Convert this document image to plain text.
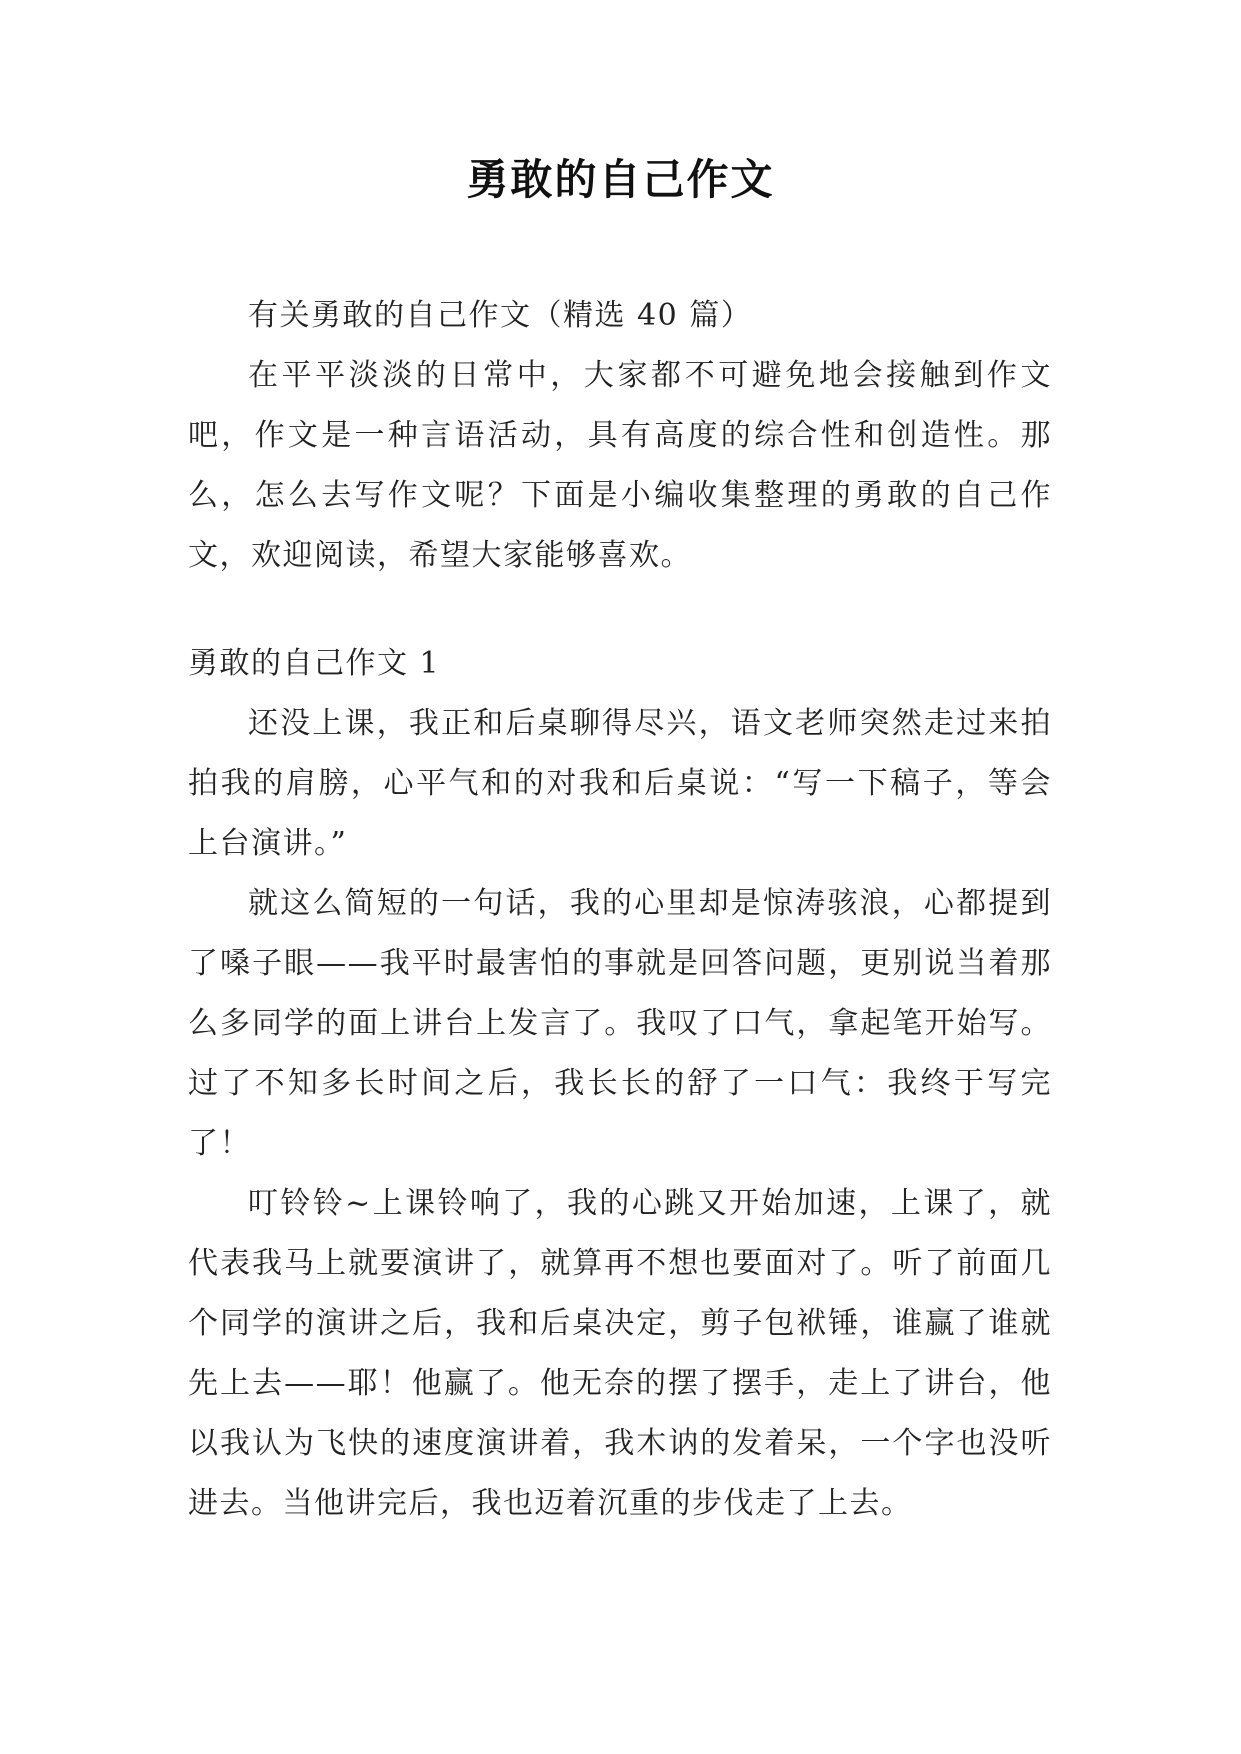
勇敢的自己作文

有关勇敢的自己作文（精选 40 篇）

在平平淡淡的日常中，大家都不可避免地会接触到作文吧，作文是一种言语活动，具有高度的综合性和创造性。那么，怎么去写作文呢？下面是小编收集整理的勇敢的自己作文，欢迎阅读，希望大家能够喜欢。

勇敢的自己作文 1

还没上课，我正和后桌聊得尽兴，语文老师突然走过来拍拍我的肩膀，心平气和的对我和后桌说：“写一下稿子，等会上台演讲。”

就这么简短的一句话，我的心里却是惊涛骇浪，心都提到了嗓子眼——我平时最害怕的事就是回答问题，更别说当着那么多同学的面上讲台上发言了。我叹了口气，拿起笔开始写。过了不知多长时间之后，我长长的舒了一口气：我终于写完了！

叮铃铃~上课铃响了，我的心跳又开始加速，上课了，就代表我马上就要演讲了，就算再不想也要面对了。听了前面几个同学的演讲之后，我和后桌决定，剪子包袱锤，谁赢了谁就先上去——耶！他赢了。他无奈的摆了摆手，走上了讲台，他以我认为飞快的速度演讲着，我木讷的发着呆，一个字也没听进去。当他讲完后，我也迈着沉重的步伐走了上去。
